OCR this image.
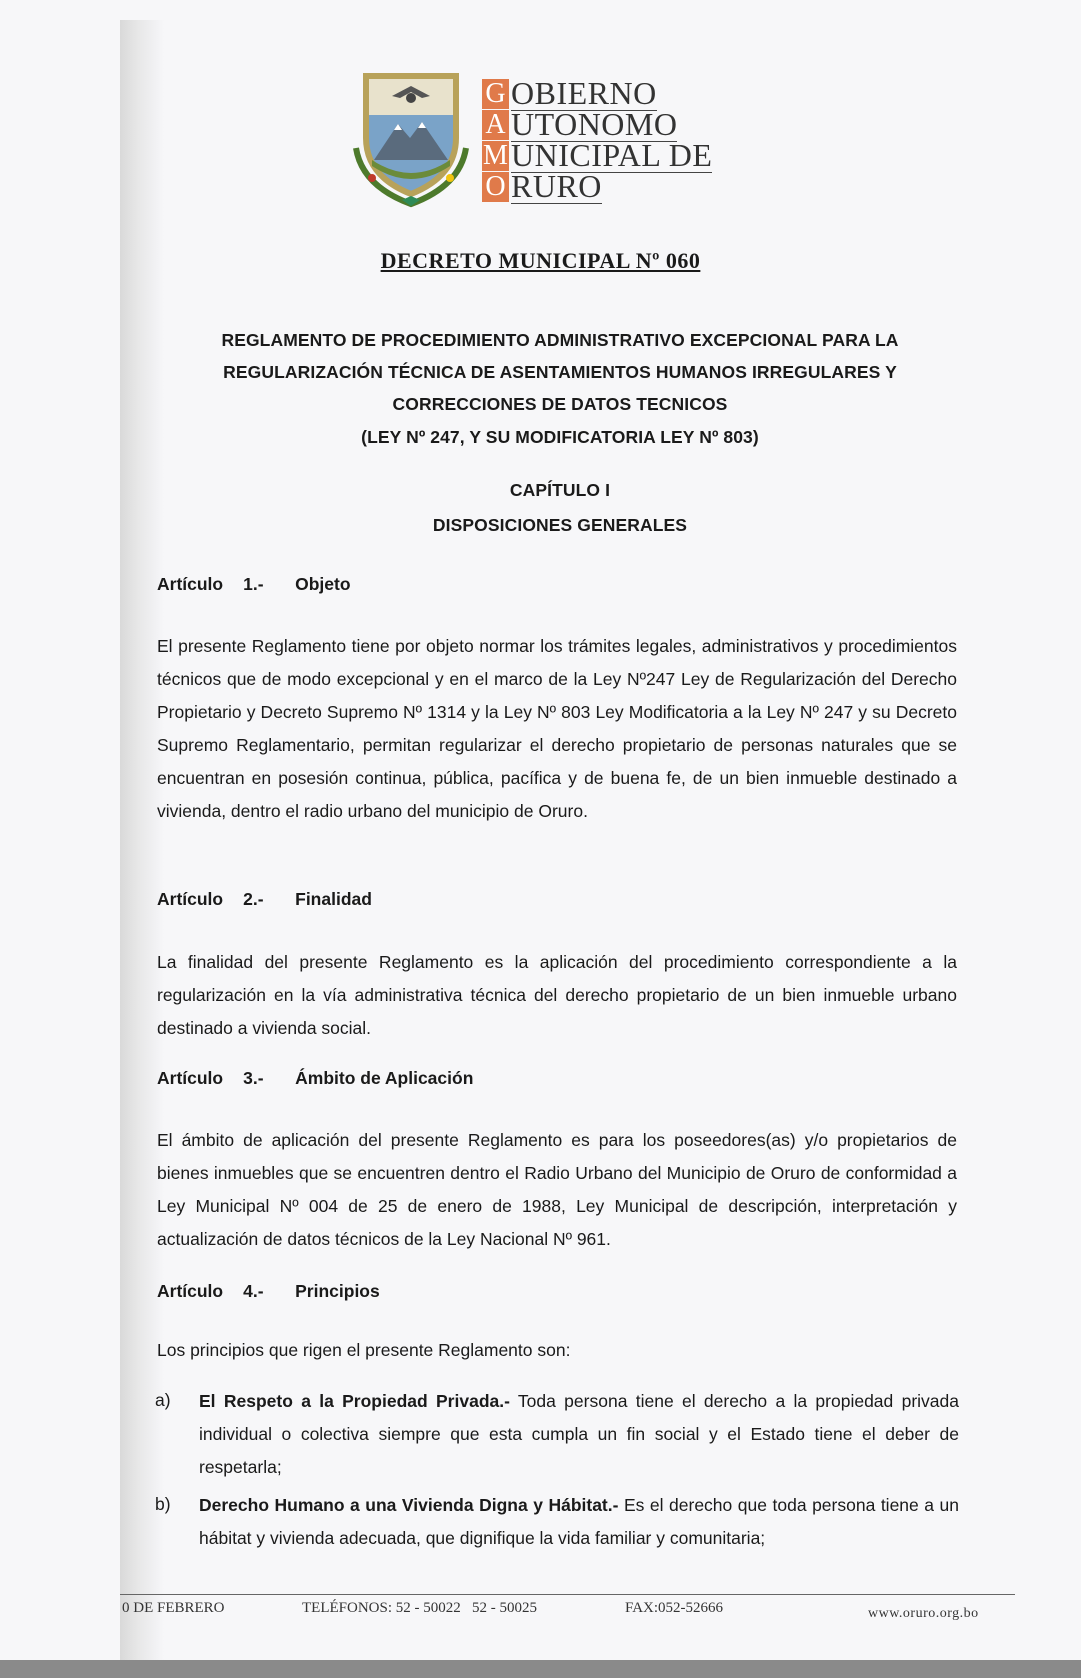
G OBIERNO
A UTONOMO
M UNICIPAL DE
O RURO
DECRETO MUNICIPAL Nº 060
REGLAMENTO DE PROCEDIMIENTO ADMINISTRATIVO EXCEPCIONAL PARA LA
REGULARIZACIÓN TÉCNICA DE ASENTAMIENTOS HUMANOS IRREGULARES Y
CORRECCIONES DE DATOS TECNICOS
(LEY Nº 247, Y SU MODIFICATORIA LEY Nº 803)
CAPÍTULO I
DISPOSICIONES GENERALES
Artículo 1.- Objeto
El presente Reglamento tiene por objeto normar los trámites legales, administrativos y procedimientos técnicos que de modo excepcional y en el marco de la Ley Nº247 Ley de Regularización del Derecho Propietario y Decreto Supremo Nº 1314 y la Ley Nº 803 Ley Modificatoria a la Ley Nº 247 y su Decreto Supremo Reglamentario, permitan regularizar el derecho propietario de personas naturales que se encuentran en posesión continua, pública, pacífica y de buena fe, de un bien inmueble destinado a vivienda, dentro el radio urbano del municipio de Oruro.
Artículo 2.- Finalidad
La finalidad del presente Reglamento es la aplicación del procedimiento correspondiente a la regularización en la vía administrativa técnica del derecho propietario de un bien inmueble urbano destinado a vivienda social.
Artículo 3.- Ámbito de Aplicación
El ámbito de aplicación del presente Reglamento es para los poseedores(as) y/o propietarios de bienes inmuebles que se encuentren dentro el Radio Urbano del Municipio de Oruro de conformidad a Ley Municipal Nº 004 de 25 de enero de 1988, Ley Municipal de descripción, interpretación y actualización de datos técnicos de la Ley Nacional Nº 961.
Artículo 4.- Principios
Los principios que rigen el presente Reglamento son:
a) El Respeto a la Propiedad Privada.- Toda persona tiene el derecho a la propiedad privada individual o colectiva siempre que esta cumpla un fin social y el Estado tiene el deber de respetarla;
b) Derecho Humano a una Vivienda Digna y Hábitat.- Es el derecho que toda persona tiene a un hábitat y vivienda adecuada, que dignifique la vida familiar y comunitaria;
0 DE FEBRERO	TELÉFONOS: 52 - 50022   52 - 50025	FAX:052-52666	www.oruro.org.bo
